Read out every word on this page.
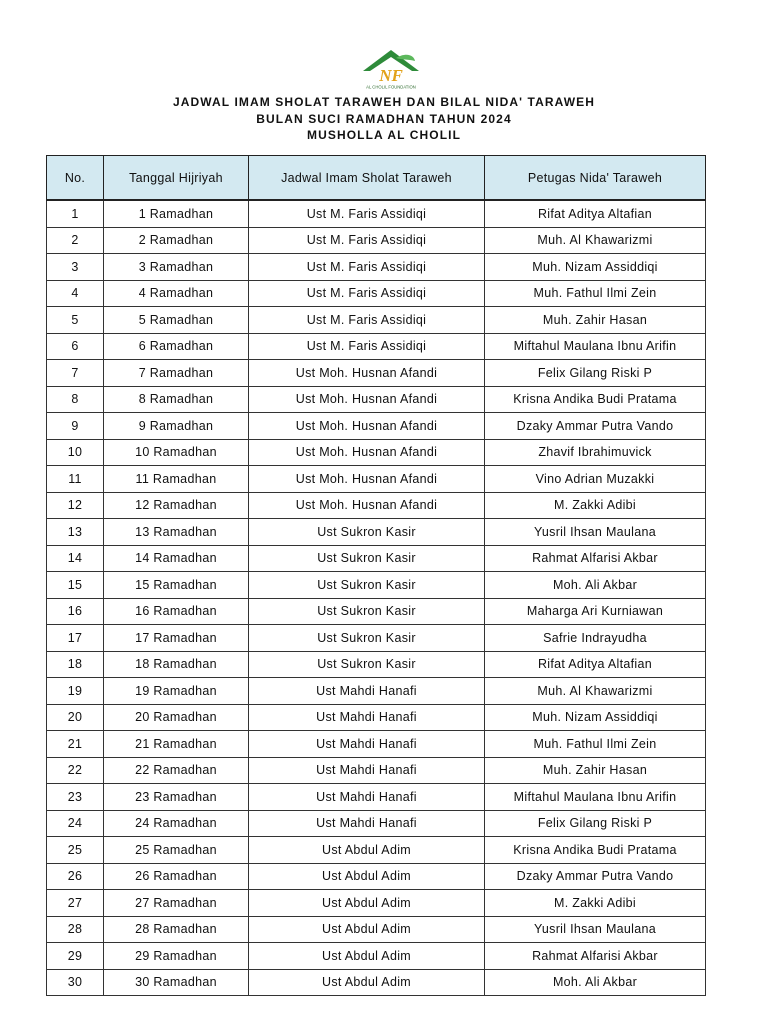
NF
AL CHOLIL FOUNDATION
JADWAL IMAM SHOLAT TARAWEH DAN BILAL NIDA' TARAWEH
BULAN SUCI RAMADHAN TAHUN 2024
MUSHOLLA AL CHOLIL
No.	Tanggal Hijriyah	Jadwal Imam Sholat Taraweh	Petugas Nida' Taraweh
1	1 Ramadhan	Ust M. Faris Assidiqi	Rifat Aditya Altafian
2	2 Ramadhan	Ust M. Faris Assidiqi	Muh. Al Khawarizmi
3	3 Ramadhan	Ust M. Faris Assidiqi	Muh. Nizam Assiddiqi
4	4 Ramadhan	Ust M. Faris Assidiqi	Muh. Fathul Ilmi Zein
5	5 Ramadhan	Ust M. Faris Assidiqi	Muh. Zahir Hasan
6	6 Ramadhan	Ust M. Faris Assidiqi	Miftahul Maulana Ibnu Arifin
7	7 Ramadhan	Ust Moh. Husnan Afandi	Felix Gilang Riski P
8	8 Ramadhan	Ust Moh. Husnan Afandi	Krisna Andika Budi Pratama
9	9 Ramadhan	Ust Moh. Husnan Afandi	Dzaky Ammar Putra Vando
10	10 Ramadhan	Ust Moh. Husnan Afandi	Zhavif Ibrahimuvick
11	11 Ramadhan	Ust Moh. Husnan Afandi	Vino Adrian Muzakki
12	12 Ramadhan	Ust Moh. Husnan Afandi	M. Zakki Adibi
13	13 Ramadhan	Ust Sukron Kasir	Yusril Ihsan Maulana
14	14 Ramadhan	Ust Sukron Kasir	Rahmat Alfarisi Akbar
15	15 Ramadhan	Ust Sukron Kasir	Moh. Ali Akbar
16	16 Ramadhan	Ust Sukron Kasir	Maharga Ari Kurniawan
17	17 Ramadhan	Ust Sukron Kasir	Safrie Indrayudha
18	18 Ramadhan	Ust Sukron Kasir	Rifat Aditya Altafian
19	19 Ramadhan	Ust Mahdi Hanafi	Muh. Al Khawarizmi
20	20 Ramadhan	Ust Mahdi Hanafi	Muh. Nizam Assiddiqi
21	21 Ramadhan	Ust Mahdi Hanafi	Muh. Fathul Ilmi Zein
22	22 Ramadhan	Ust Mahdi Hanafi	Muh. Zahir Hasan
23	23 Ramadhan	Ust Mahdi Hanafi	Miftahul Maulana Ibnu Arifin
24	24 Ramadhan	Ust Mahdi Hanafi	Felix Gilang Riski P
25	25 Ramadhan	Ust Abdul Adim	Krisna Andika Budi Pratama
26	26 Ramadhan	Ust Abdul Adim	Dzaky Ammar Putra Vando
27	27 Ramadhan	Ust Abdul Adim	M. Zakki Adibi
28	28 Ramadhan	Ust Abdul Adim	Yusril Ihsan Maulana
29	29 Ramadhan	Ust Abdul Adim	Rahmat Alfarisi Akbar
30	30 Ramadhan	Ust Abdul Adim	Moh. Ali Akbar
